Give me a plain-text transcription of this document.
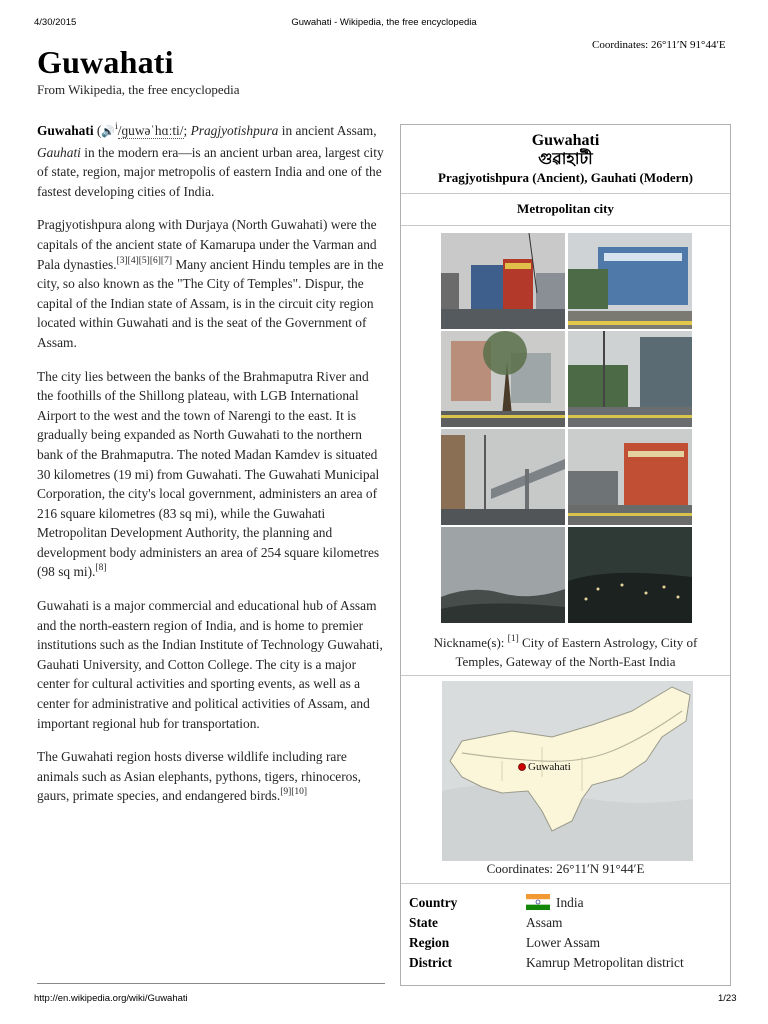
4/30/2015	Guwahati - Wikipedia, the free encyclopedia
http://en.wikipedia.org/wiki/Guwahati	1/23
Coordinates: 26°11′N 91°44′E
Guwahati
From Wikipedia, the free encyclopedia

Guwahati (🔊$^i$/ɡuwəˈhɑːti/; Pragjyotishpura in ancient Assam, Gauhati in the modern era—is an ancient urban area, largest city of state, region, major metropolis of eastern India and one of the fastest developing cities of India.

Pragjyotishpura along with Durjaya (North Guwahati) were the capitals of the ancient state of Kamarupa under the Varman and Pala dynasties.[3][4][5][6][7] Many ancient Hindu temples are in the city, so also known as the "The City of Temples". Dispur, the capital of the Indian state of Assam, is in the circuit city region located within Guwahati and is the seat of the Government of Assam.

The city lies between the banks of the Brahmaputra River and the foothills of the Shillong plateau, with LGB International Airport to the west and the town of Narengi to the east. It is gradually being expanded as North Guwahati to the northern bank of the Brahmaputra. The noted Madan Kamdev is situated 30 kilometres (19 mi) from Guwahati. The Guwahati Municipal Corporation, the city's local government, administers an area of 216 square kilometres (83 sq mi), while the Guwahati Metropolitan Development Authority, the planning and development body administers an area of 254 square kilometres (98 sq mi).[8]

Guwahati is a major commercial and educational hub of Assam and the north-eastern region of India, and is home to premier institutions such as the Indian Institute of Technology Guwahati, Gauhati University, and Cotton College. The city is a major center for cultural activities and sporting events, as well as a center for administrative and political activities of Assam, and important regional hub for transportation.

The Guwahati region hosts diverse wildlife including rare animals such as Asian elephants, pythons, tigers, rhinoceros, gaurs, primate species, and endangered birds.[9][10]

Guwahati
গুৱাহাটী
Pragjyotishpura (Ancient), Gauhati (Modern)
Metropolitan city
Nickname(s): [1] City of Eastern Astrology, City of Temples, Gateway of the North-East India
Guwahati
Coordinates: 26°11′N 91°44′E
Country	India
State	Assam
Region	Lower Assam
District	Kamrup Metropolitan district
